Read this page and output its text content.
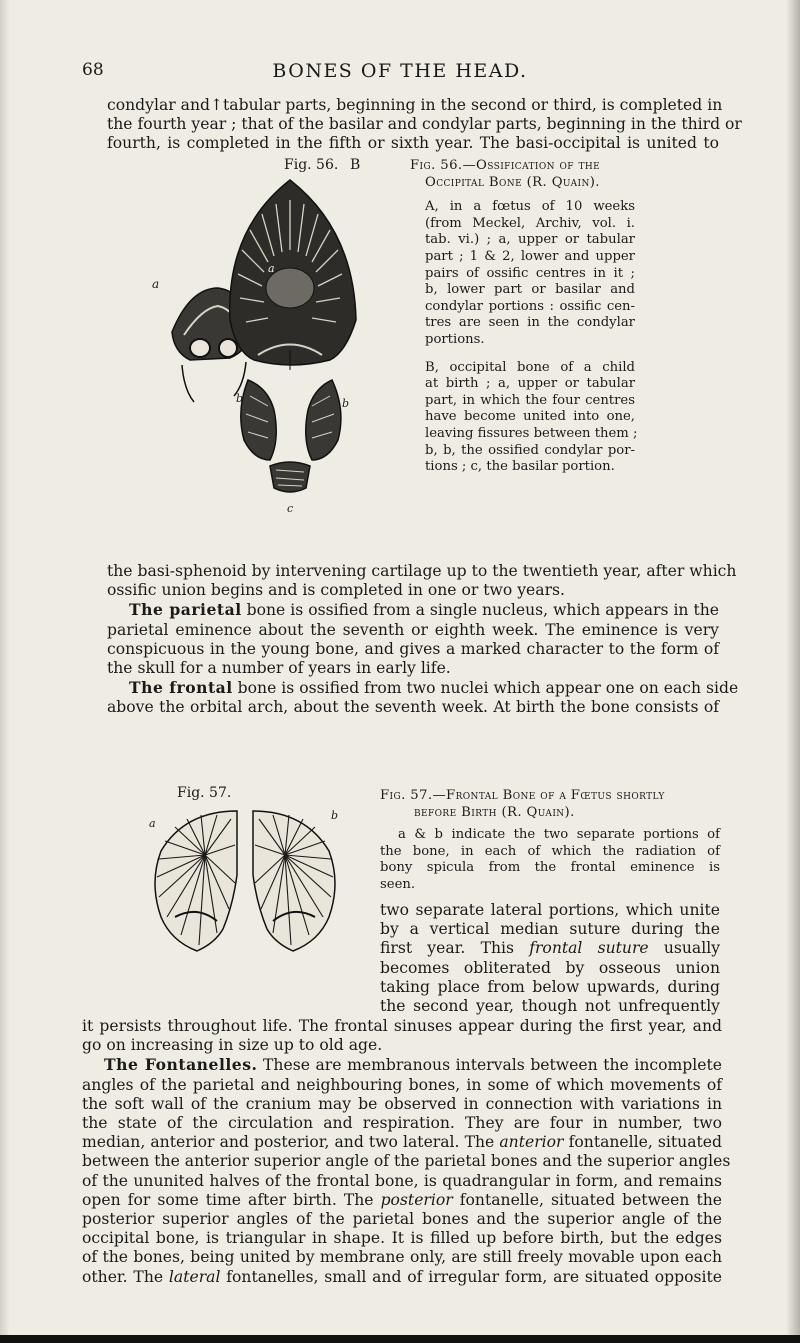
68	BONES OF THE HEAD.
condylar and↑tabular parts, beginning in the second or third, is completed in
the fourth year ; that of the basilar and condylar parts, beginning in the third or
fourth, is completed in the fifth or sixth year. The basi-occipital is united to
Fig. 56. B
a
a
b	b
c
Fig. 56.—Ossification of the
Occipital Bone (R. Quain).
A, in a fœtus of 10 weeks
(from Meckel, Archiv, vol. i.
tab. vi.) ; a, upper or tabular
part ; 1 & 2, lower and upper
pairs of ossific centres in it ;
b, lower part or basilar and
condylar portions : ossific cen-
tres are seen in the condylar
portions.
B, occipital bone of a child
at birth ; a, upper or tabular
part, in which the four centres
have become united into one,
leaving fissures between them ;
b, b, the ossified condylar por-
tions ; c, the basilar portion.
the basi-sphenoid by intervening cartilage up to the twentieth year, after which
ossific union begins and is completed in one or two years.
The parietal bone is ossified from a single nucleus, which appears in the
parietal eminence about the seventh or eighth week. The eminence is very
conspicuous in the young bone, and gives a marked character to the form of
the skull for a number of years in early life.
The frontal bone is ossified from two nuclei which appear one on each side
above the orbital arch, about the seventh week. At birth the bone consists of
Fig. 57.
a
b
Fig. 57.—Frontal Bone of a Fœtus shortly
before Birth (R. Quain).
a & b indicate the two separate portions of
the bone, in each of which the radiation of
bony spicula from the frontal eminence is
seen.
two separate lateral portions, which unite
by a vertical median suture during the
first year. This frontal suture usually
becomes obliterated by osseous union
taking place from below upwards, during
the second year, though not unfrequently
it persists throughout life. The frontal sinuses appear during the first year, and
go on increasing in size up to old age.
The Fontanelles. These are membranous intervals between the incomplete
angles of the parietal and neighbouring bones, in some of which movements of
the soft wall of the cranium may be observed in connection with variations in
the state of the circulation and respiration. They are four in number, two
median, anterior and posterior, and two lateral. The anterior fontanelle, situated
between the anterior superior angle of the parietal bones and the superior angles
of the ununited halves of the frontal bone, is quadrangular in form, and remains
open for some time after birth. The posterior fontanelle, situated between the
posterior superior angles of the parietal bones and the superior angle of the
occipital bone, is triangular in shape. It is filled up before birth, but the edges
of the bones, being united by membrane only, are still freely movable upon each
other. The lateral fontanelles, small and of irregular form, are situated opposite
